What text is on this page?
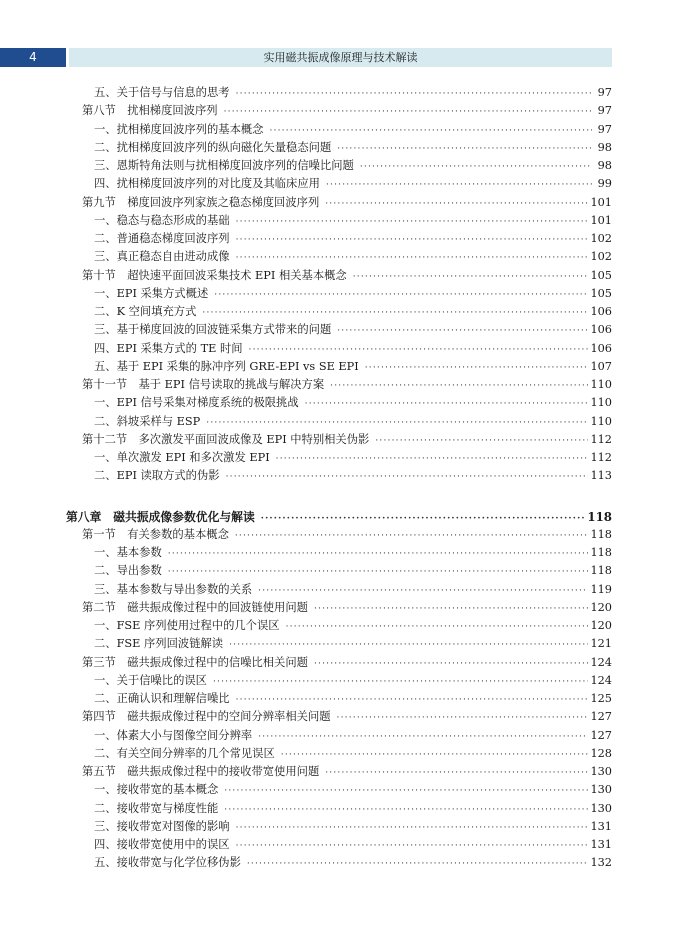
4	实用磁共振成像原理与技术解读
五、关于信号与信息的思考 ·····	97
第八节　扰相梯度回波序列 ·····	97
一、扰相梯度回波序列的基本概念 ·····	97
二、扰相梯度回波序列的纵向磁化矢量稳态问题 ·····	98
三、恩斯特角法则与扰相梯度回波序列的信噪比问题 ·····	98
四、扰相梯度回波序列的对比度及其临床应用 ·····	99
第九节　梯度回波序列家族之稳态梯度回波序列 ·····	101
一、稳态与稳态形成的基础 ·····	101
二、普通稳态梯度回波序列 ·····	102
三、真正稳态自由进动成像 ·····	102
第十节　超快速平面回波采集技术 EPI 相关基本概念 ·····	105
一、EPI 采集方式概述 ·····	105
二、K 空间填充方式 ·····	106
三、基于梯度回波的回波链采集方式带来的问题 ·····	106
四、EPI 采集方式的 TE 时间 ·····	106
五、基于 EPI 采集的脉冲序列 GRE-EPI vs SE EPI ·····	107
第十一节　基于 EPI 信号读取的挑战与解决方案 ·····	110
一、EPI 信号采集对梯度系统的极限挑战 ·····	110
二、斜坡采样与 ESP ·····	110
第十二节　多次激发平面回波成像及 EPI 中特别相关伪影 ·····	112
一、单次激发 EPI 和多次激发 EPI ·····	112
二、EPI 读取方式的伪影 ·····	113
第八章　磁共振成像参数优化与解读 ·····	118
第一节　有关参数的基本概念 ·····	118
一、基本参数 ·····	118
二、导出参数 ·····	118
三、基本参数与导出参数的关系 ·····	119
第二节　磁共振成像过程中的回波链使用问题 ·····	120
一、FSE 序列使用过程中的几个误区 ·····	120
二、FSE 序列回波链解读 ·····	121
第三节　磁共振成像过程中的信噪比相关问题 ·····	124
一、关于信噪比的误区 ·····	124
二、正确认识和理解信噪比 ·····	125
第四节　磁共振成像过程中的空间分辨率相关问题 ·····	127
一、体素大小与图像空间分辨率 ·····	127
二、有关空间分辨率的几个常见误区 ·····	128
第五节　磁共振成像过程中的接收带宽使用问题 ·····	130
一、接收带宽的基本概念 ·····	130
二、接收带宽与梯度性能 ·····	130
三、接收带宽对图像的影响 ·····	131
四、接收带宽使用中的误区 ·····	131
五、接收带宽与化学位移伪影 ·····	132
